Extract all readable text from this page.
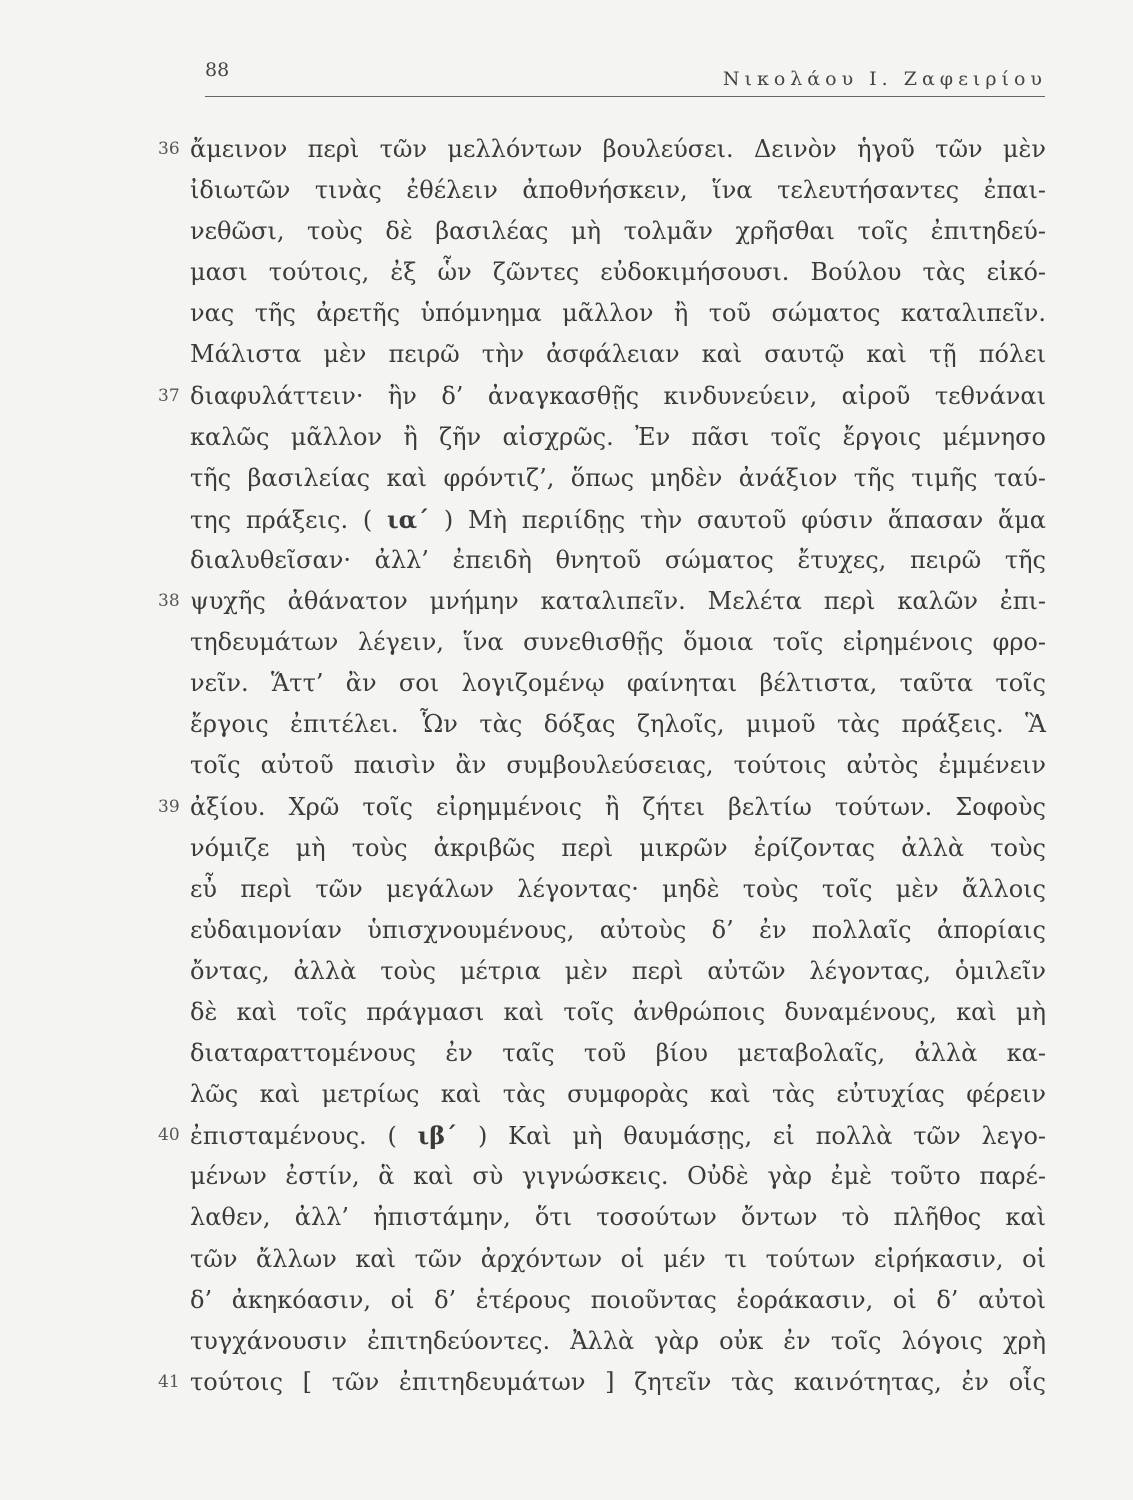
88	Νικολάου Ι. Ζαφειρίου
36 ἄμεινον περὶ τῶν μελλόντων βουλεύσει. Δεινὸν ἡγοῦ τῶν μὲν
ἰδιωτῶν τινὰς ἐθέλειν ἀποθνήσκειν, ἵνα τελευτήσαντες ἐπαι-
νεθῶσι, τοὺς δὲ βασιλέας μὴ τολμᾶν χρῆσθαι τοῖς ἐπιτηδεύ-
μασι τούτοις, ἐξ ὧν ζῶντες εὐδοκιμήσουσι. Βούλου τὰς εἰκό-
νας τῆς ἀρετῆς ὑπόμνημα μᾶλλον ἢ τοῦ σώματος καταλιπεῖν.
Μάλιστα μὲν πειρῶ τὴν ἀσφάλειαν καὶ σαυτῷ καὶ τῇ πόλει
37 διαφυλάττειν· ἢν δ’ ἀναγκασθῇς κινδυνεύειν, αἱροῦ τεθνάναι
καλῶς μᾶλλον ἢ ζῆν αἰσχρῶς. Ἐν πᾶσι τοῖς ἔργοις μέμνησο
τῆς βασιλείας καὶ φρόντιζ’, ὅπως μηδὲν ἀνάξιον τῆς τιμῆς ταύ-
της πράξεις. ( ια΄ ) Μὴ περιίδῃς τὴν σαυτοῦ φύσιν ἅπασαν ἅμα
διαλυθεῖσαν· ἀλλ’ ἐπειδὴ θνητοῦ σώματος ἔτυχες, πειρῶ τῆς
38 ψυχῆς ἀθάνατον μνήμην καταλιπεῖν. Μελέτα περὶ καλῶν ἐπι-
τηδευμάτων λέγειν, ἵνα συνεθισθῇς ὅμοια τοῖς εἰρημένοις φρο-
νεῖν. Ἅττ’ ἂν σοι λογιζομένῳ φαίνηται βέλτιστα, ταῦτα τοῖς
ἔργοις ἐπιτέλει. Ὧν τὰς δόξας ζηλοῖς, μιμοῦ τὰς πράξεις. Ἃ
τοῖς αὐτοῦ παισὶν ἂν συμβουλεύσειας, τούτοις αὐτὸς ἐμμένειν
39 ἀξίου. Χρῶ τοῖς εἰρημμένοις ἢ ζήτει βελτίω τούτων. Σοφοὺς
νόμιζε μὴ τοὺς ἀκριβῶς περὶ μικρῶν ἐρίζοντας ἀλλὰ τοὺς
εὖ περὶ τῶν μεγάλων λέγοντας· μηδὲ τοὺς τοῖς μὲν ἄλλοις
εὐδαιμονίαν ὑπισχνουμένους, αὐτοὺς δ’ ἐν πολλαῖς ἀπορίαις
ὄντας, ἀλλὰ τοὺς μέτρια μὲν περὶ αὐτῶν λέγοντας, ὁμιλεῖν
δὲ καὶ τοῖς πράγμασι καὶ τοῖς ἀνθρώποις δυναμένους, καὶ μὴ
διαταραττομένους ἐν ταῖς τοῦ βίου μεταβολαῖς, ἀλλὰ κα-
λῶς καὶ μετρίως καὶ τὰς συμφορὰς καὶ τὰς εὐτυχίας φέρειν
40 ἐπισταμένους. ( ιβ΄ ) Καὶ μὴ θαυμάσῃς, εἰ πολλὰ τῶν λεγο-
μένων ἐστίν, ἃ καὶ σὺ γιγνώσκεις. Οὐδὲ γὰρ ἐμὲ τοῦτο παρέ-
λαθεν, ἀλλ’ ἠπιστάμην, ὅτι τοσούτων ὄντων τὸ πλῆθος καὶ
τῶν ἄλλων καὶ τῶν ἀρχόντων οἱ μέν τι τούτων εἰρήκασιν, οἱ
δ’ ἀκηκόασιν, οἱ δ’ ἑτέρους ποιοῦντας ἑοράκασιν, οἱ δ’ αὐτοὶ
τυγχάνουσιν ἐπιτηδεύοντες. Ἀλλὰ γὰρ οὐκ ἐν τοῖς λόγοις χρὴ
41 τούτοις [ τῶν ἐπιτηδευμάτων ] ζητεῖν τὰς καινότητας, ἐν οἷς
